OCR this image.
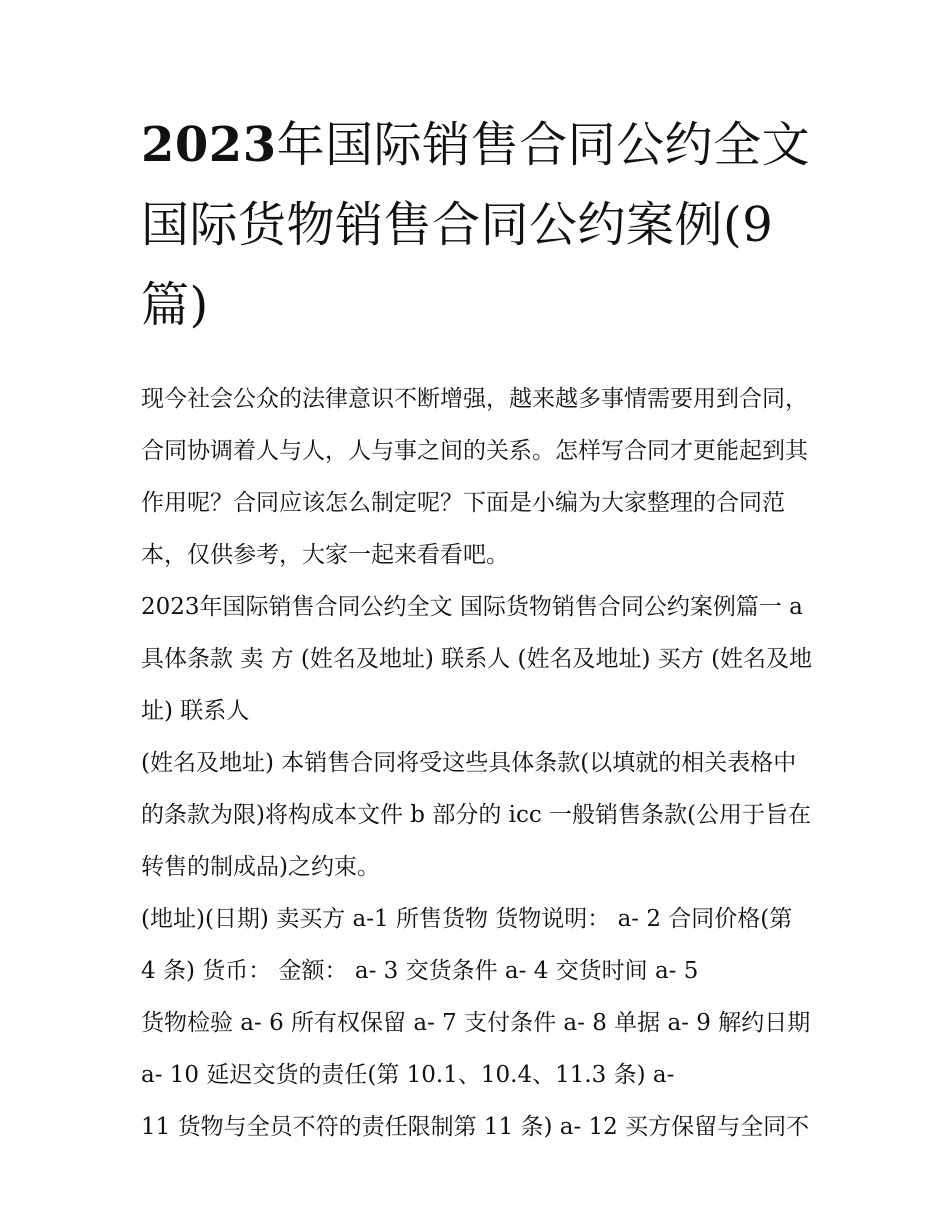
2023年国际销售合同公约全文 国际货物销售合同公约案例(9篇)

现今社会公众的法律意识不断增强，越来越多事情需要用到合同，合同协调着人与人，人与事之间的关系。怎样写合同才更能起到其作用呢？合同应该怎么制定呢？下面是小编为大家整理的合同范本，仅供参考，大家一起来看看吧。

2023年国际销售合同公约全文 国际货物销售合同公约案例篇一 a 具体条款 卖 方 (姓名及地址) 联系人 (姓名及地址) 买方 (姓名及地址) 联系人

(姓名及地址) 本销售合同将受这些具体条款(以填就的相关表格中的条款为限)将构成本文件 b 部分的 icc 一般销售条款(公用于旨在转售的制成品)之约束。

(地址)(日期) 卖买方 a-1 所售货物 货物说明： a- 2 合同价格(第 4 条) 货币： 金额： a- 3 交货条件 a- 4 交货时间 a- 5

货物检验 a- 6 所有权保留 a- 7 支付条件 a- 8 单据 a- 9 解约日期 a- 10 延迟交货的责任(第 10.1、10.4、11.3 条) a-

11 货物与全员不符的责任限制第 11 条) a- 12 买方保留与全同不
